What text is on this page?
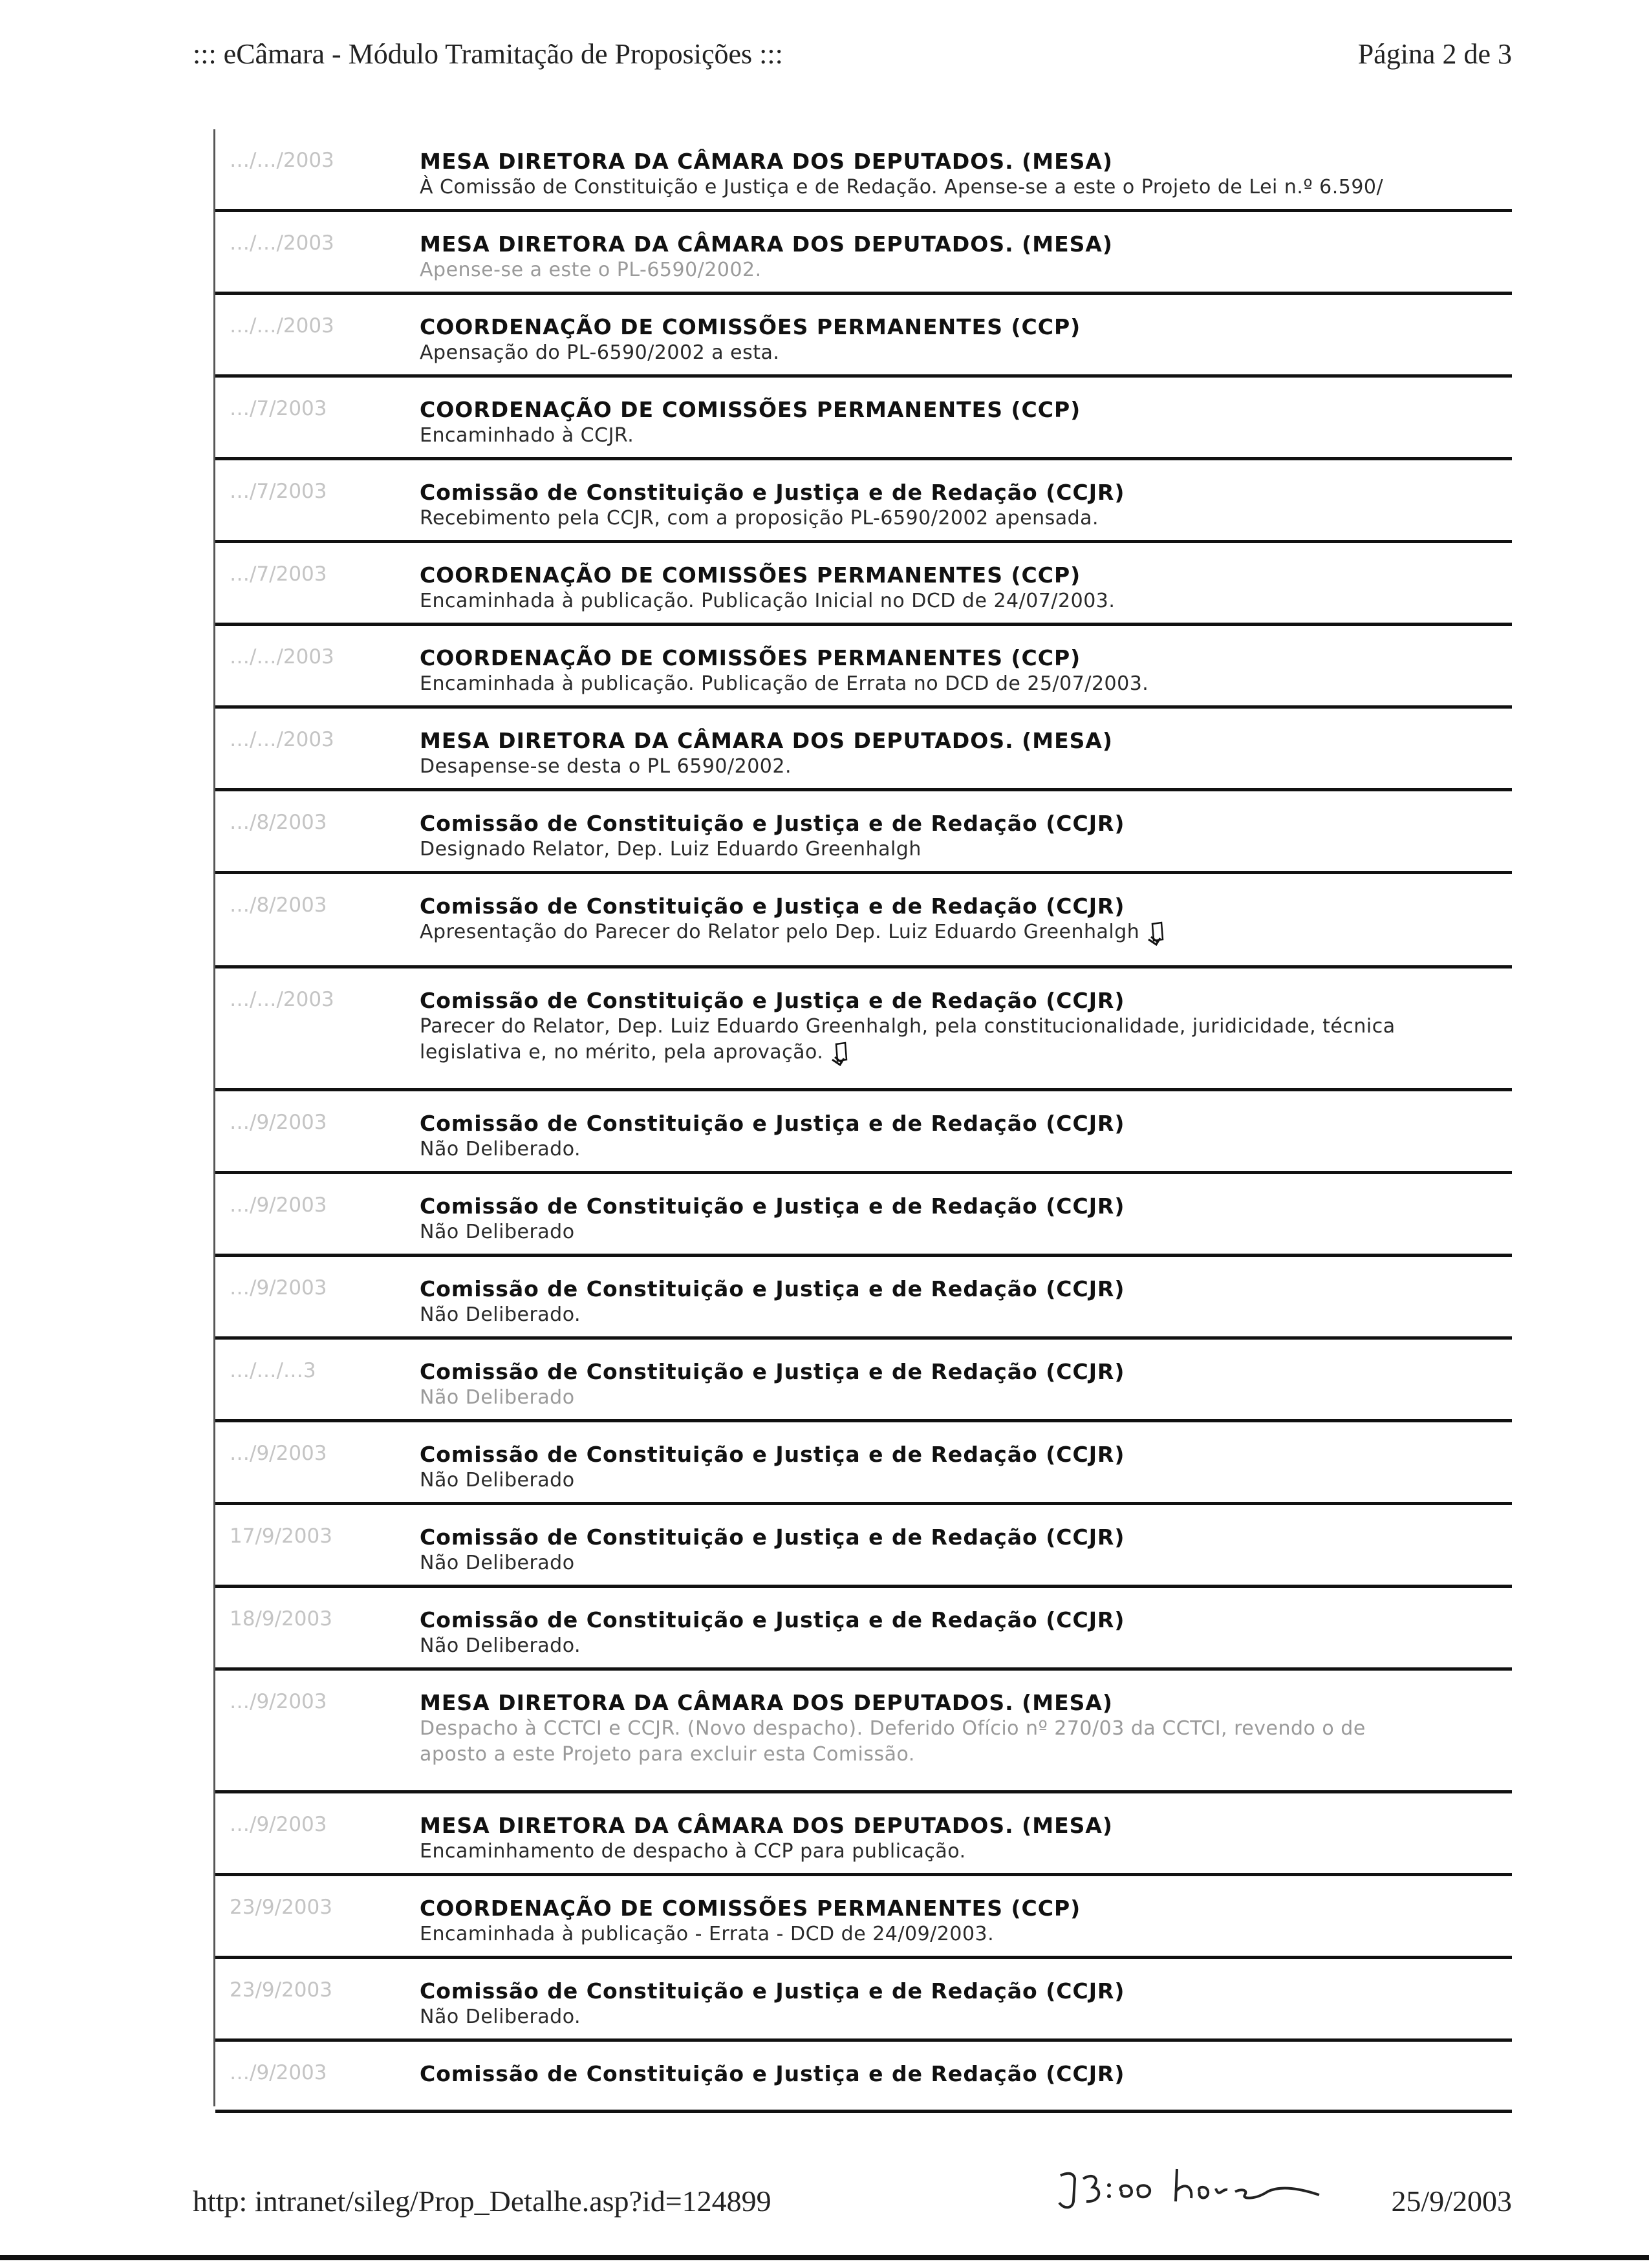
::: eCâmara - Módulo Tramitação de Proposições :::	Página 2 de 3
…/…/2003	MESA DIRETORA DA CÂMARA DOS DEPUTADOS. (MESA)
À Comissão de Constituição e Justiça e de Redação. Apense-se a este o Projeto de Lei n.º 6.590/
…/…/2003	MESA DIRETORA DA CÂMARA DOS DEPUTADOS. (MESA)
Apense-se a este o PL-6590/2002.
…/…/2003	COORDENAÇÃO DE COMISSÕES PERMANENTES (CCP)
Apensação do PL-6590/2002 a esta.
…/7/2003	COORDENAÇÃO DE COMISSÕES PERMANENTES (CCP)
Encaminhado à CCJR.
…/7/2003	Comissão de Constituição e Justiça e de Redação (CCJR)
Recebimento pela CCJR, com a proposição PL-6590/2002 apensada.
…/7/2003	COORDENAÇÃO DE COMISSÕES PERMANENTES (CCP)
Encaminhada à publicação. Publicação Inicial no DCD de 24/07/2003.
…/…/2003	COORDENAÇÃO DE COMISSÕES PERMANENTES (CCP)
Encaminhada à publicação. Publicação de Errata no DCD de 25/07/2003.
…/…/2003	MESA DIRETORA DA CÂMARA DOS DEPUTADOS. (MESA)
Desapense-se desta o PL 6590/2002.
…/8/2003	Comissão de Constituição e Justiça e de Redação (CCJR)
Designado Relator, Dep. Luiz Eduardo Greenhalgh
…/8/2003	Comissão de Constituição e Justiça e de Redação (CCJR)
Apresentação do Parecer do Relator pelo Dep. Luiz Eduardo Greenhalgh
…/…/2003	Comissão de Constituição e Justiça e de Redação (CCJR)
Parecer do Relator, Dep. Luiz Eduardo Greenhalgh, pela constitucionalidade, juridicidade, técnica
legislativa e, no mérito, pela aprovação.
…/9/2003	Comissão de Constituição e Justiça e de Redação (CCJR)
Não Deliberado.
…/9/2003	Comissão de Constituição e Justiça e de Redação (CCJR)
Não Deliberado
…/9/2003	Comissão de Constituição e Justiça e de Redação (CCJR)
Não Deliberado.
…/…/…3	Comissão de Constituição e Justiça e de Redação (CCJR)
Não Deliberado
…/9/2003	Comissão de Constituição e Justiça e de Redação (CCJR)
Não Deliberado
17/9/2003	Comissão de Constituição e Justiça e de Redação (CCJR)
Não Deliberado
18/9/2003	Comissão de Constituição e Justiça e de Redação (CCJR)
Não Deliberado.
…/9/2003	MESA DIRETORA DA CÂMARA DOS DEPUTADOS. (MESA)
Despacho à CCTCI e CCJR. (Novo despacho). Deferido Ofício nº 270/03 da CCTCI, revendo o de
aposto a este Projeto para excluir esta Comissão.
…/9/2003	MESA DIRETORA DA CÂMARA DOS DEPUTADOS. (MESA)
Encaminhamento de despacho à CCP para publicação.
23/9/2003	COORDENAÇÃO DE COMISSÕES PERMANENTES (CCP)
Encaminhada à publicação - Errata - DCD de 24/09/2003.
23/9/2003	Comissão de Constituição e Justiça e de Redação (CCJR)
Não Deliberado.
…/9/2003	Comissão de Constituição e Justiça e de Redação (CCJR)
http: intranet/sileg/Prop_Detalhe.asp?id=124899	25/9/2003
